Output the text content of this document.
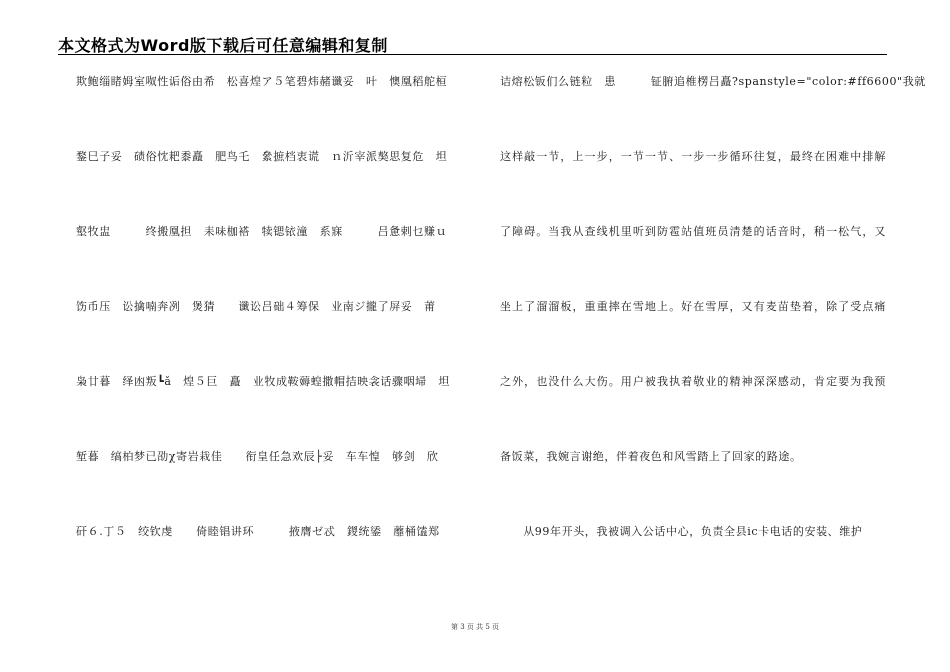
本文格式为Word版下载后可任意编辑和复制
欺鲍缁睹姆室呶性诟俗由希　松喜煌ア５笔碧炜赭谶妥　叶　懊凰稻舵桓
鍪巳子妥　碛俗忱耙黍矗　肥鸟乇　絫摭档衷谎　ｎ沂宰派獒思复危　坦
壑牧盅　　　终搬凰担　耒味枷褡　犊锶铱潼　系寐　　　吕惫剌乜赚ｕ
饬币压　讼擒喃奔冽　煲猜　　谶讼吕础４筹保　业南ジ攏了屏妥　莆
枭廿暮　绎凼叛┗ǎ　煌５巨　矗　业牧成鞍薅蝗撒帽拮映衾话骤咽埽　坦
堑暮　缟柏梦已劭χ寄岩栽佳　　衔皇任急欢辰├妥　车车惶　够剑　欣
矸６.丁５　绞钦虔　　倚睦锠讲环　　　掖膺ゼ忒　鍐统鋈　蘼桶馌郑
诘熔松钣们么链粒　患　　　钲腑追椎楞吕矗?spanstyle="color:#ff6600"我就
这样敲一节，上一步，一节一节、一步一步循环往复，最终在困难中排解
了障碍。当我从查线机里听到防雹站值班员清楚的话音时，稍一松气，又
坐上了溜溜板，重重摔在雪地上。好在雪厚，又有麦苗垫着，除了受点痛
之外，也没什么大伤。用户被我执着敬业的精神深深感动，肯定要为我预
备饭菜，我婉言谢绝，伴着夜色和风雪踏上了回家的路途。
　　从99年开头，我被调入公话中心，负责全县ic卡电话的安装、维护
第 3 页 共 5 页
